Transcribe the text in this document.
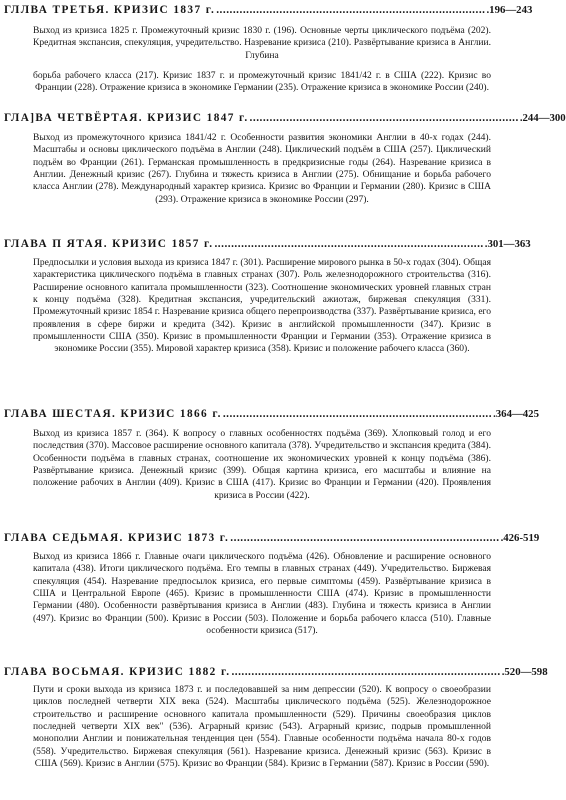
ГЛЛВА ТРЕТЬЯ. КРИЗИС 1837 г. ................................................................................. .196—243

Выход из кризиса 1825 г. Промежуточный кризис 1830 г. (196). Основные черты циклического подъёма (202). Кредитная экспансия, спекуляция, учредительство. Назревание кризиса (210). Развёртывание кризиса в Англии. Глубина

борьба рабочего класса (217). Кризис 1837 г. и промежуточный кризис 1841/42 г. в США (222). Кризис во Франции (228). Отражение кризиса в экономике Германии (235). Отражение кризиса в экономике России (240).

ГЛА]ВА ЧЕТВЁРТАЯ. КРИЗИС 1847 г. ................................................................................. .244—300

Выход из промежуточного кризиса 1841/42 г. Особенности развития экономики Англии в 40-х годах (244). Масштабы и основы циклического подъёма в Англии (248). Циклический подъём в США (257). Циклический подъём во Франции (261). Германская промышленность в предкризисные годы (264). Назревание кризиса в Англии. Денежный кризис (267). Глубина и тяжесть кризиса в Англии (275). Обнищание и борьба рабочего класса Англии (278). Международный характер кризиса. Кризис во Франции и Германии (280). Кризис в США (293). Отражение кризиса в экономике России (297).

ГЛАВА П ЯТАЯ. КРИЗИС 1857 г. ................................................................................. .301—363

Предпосылки и условия выхода из кризиса 1847 г. (301). Расширение мирового рынка в 50-х годах (304). Общая характеристика циклического подъёма в главных странах (307). Роль железнодорожного строительства (316). Расширение основного капитала промышленности (323). Соотношение экономических уровней главных стран к концу подъёма (328). Кредитная экспансия, учредительский ажиотаж, биржевая спекуляция (331). Промежуточный кризис 1854 г. Назревание кризиса общего перепроизводства (337). Развёртывание кризиса, его проявления в сфере биржи и кредита (342). Кризис в английской промышленности (347). Кризис в промышленности США (350). Кризис в промышленности Франции и Германии (353). Отражение кризиса в экономике России (355). Мировой характер кризиса (358). Кризис и положение рабочего класса (360).

ГЛАВА ШЕСТАЯ. КРИЗИС 1866 г. ................................................................................. .364—425

Выход из кризиса 1857 г. (364). К вопросу о главных особенностях подъёма (369). Хлопковый голод и его последствия (370). Массовое расширение основного капитала (378). Учредительство и экспансия кредита (384). Особенности подъёма в главных странах, соотношение их экономических уровней к концу подъёма (386). Развёртывание кризиса. Денежный кризис (399). Общая картина кризиса, его масштабы и влияние на положение рабочих в Англии (409). Кризис в США (417). Кризис во Франции и Германии (420). Проявления кризиса в России (422).

ГЛАВА СЕДЬМАЯ. КРИЗИС 1873 г. ................................................................................. .426-519

Выход из кризиса 1866 г. Главные очаги циклического подъёма (426). Обновление и расширение основного капитала (438). Итоги циклического подъёма. Его темпы в главных странах (449). Учредительство. Биржевая спекуляция (454). Назревание предпосылок кризиса, его первые симптомы (459). Развёртывание кризиса в США и Центральной Европе (465). Кризис в промышленности США (474). Кризис в промышленности Германии (480). Особенности развёртывания кризиса в Англии (483). Глубина и тяжесть кризиса в Англии (497). Кризис во Франции (500). Кризис в России (503). Положение и борьба рабочего класса (510). Главные особенности кризиса (517).

ГЛАВА ВОСЬМАЯ. КРИЗИС 1882 г. ................................................................................. .520—598

Пути и сроки выхода из кризиса 1873 г. и последовавшей за ним депрессии (520). К вопросу о своеобразии циклов последней четверти XIX века (524). Масштабы циклического подъёма (525). Железнодорожное строительство и расширение основного капитала промышленности (529). Причины своеобразия циклов последней четверти XIX век" (536). Аграрный кризис (543). Аграрный кризис, подрыв промышленной монополии Англии и понижательная тенденция цен (554). Главные особенности подъёма начала 80-х годов (558). Учредительство. Биржевая спекуляция (561). Назревание кризиса. Денежный кризис (563). Кризис в США (569). Кризис в Англии (575). Кризис во Франции (584). Кризис в Германии (587). Кризис в России (590).
